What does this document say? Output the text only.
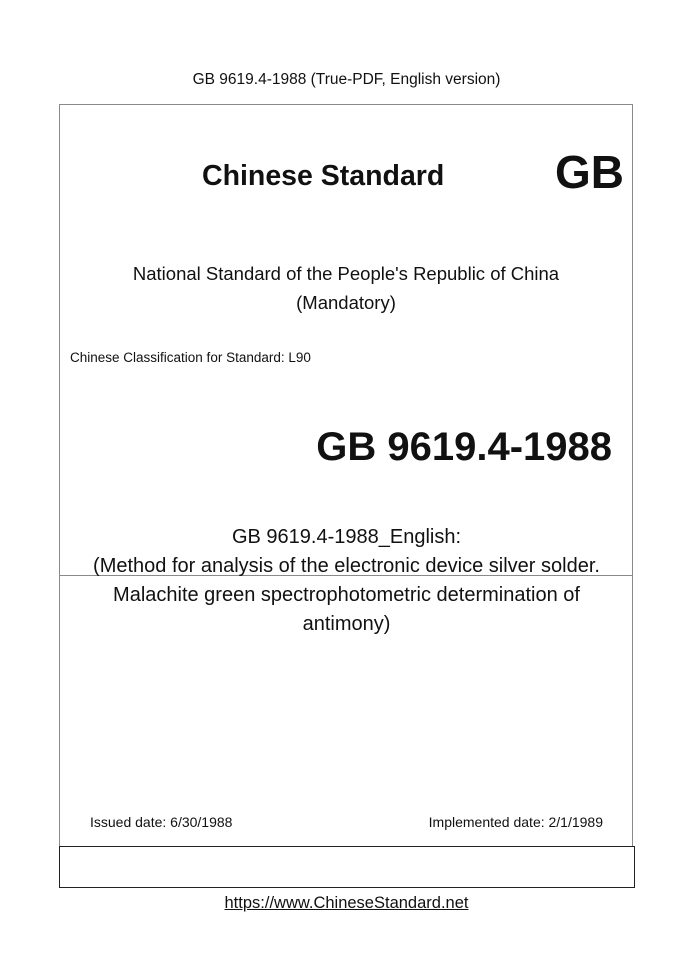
GB 9619.4-1988 (True-PDF, English version)
Chinese Standard GB
National Standard of the People's Republic of China
(Mandatory)
Chinese Classification for Standard: L90
GB 9619.4-1988
GB 9619.4-1988_English:
(Method for analysis of the electronic device silver solder.
Malachite green spectrophotometric determination of
antimony)
Issued date: 6/30/1988	Implemented date: 2/1/1989
https://www.ChineseStandard.net
